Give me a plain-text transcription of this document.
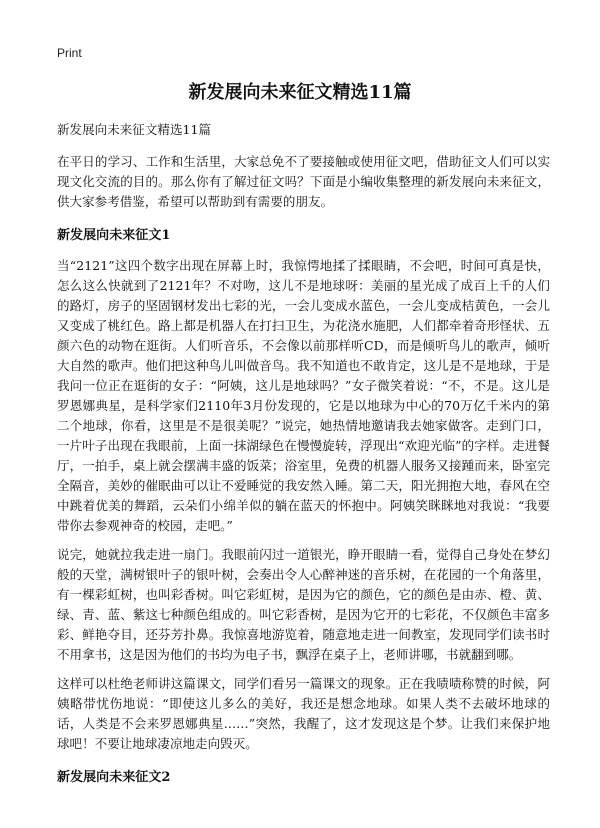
Print
新发展向未来征文精选11篇

新发展向未来征文精选11篇

在平日的学习、工作和生活里，大家总免不了要接触或使用征文吧，借助征文人们可以实现文化交流的目的。那么你有了解过征文吗？下面是小编收集整理的新发展向未来征文，供大家参考借鉴，希望可以帮助到有需要的朋友。

新发展向未来征文1

当“2121”这四个数字出现在屏幕上时，我惊愕地揉了揉眼睛，不会吧，时间可真是快，怎么这么快就到了2121年？不对吻，这儿不是地球呀：美丽的星光成了成百上千的人们的路灯，房子的坚固钢材发出七彩的光，一会儿变成水蓝色，一会儿变成桔黄色，一会儿又变成了桃红色。路上都是机器人在打扫卫生，为花浇水施肥，人们都牵着奇形怪状、五颜六色的动物在逛街。人们听音乐，不会像以前那样听CD，而是倾听鸟儿的歌声，倾听大自然的歌声。他们把这种鸟儿叫做音鸟。我不知道也不敢肯定，这儿是不是地球，于是我问一位正在逛街的女子：“阿姨，这儿是地球吗？”女子微笑着说：“不，不是。这儿是罗恩娜典星，是科学家们2110年3月份发现的，它是以地球为中心的70万亿千米内的第二个地球，你看，这里是不是很美呢？”说完，她热情地邀请我去她家做客。走到门口，一片叶子出现在我眼前，上面一抹湖绿色在慢慢旋转，浮现出“欢迎光临”的字样。走进餐厅，一拍手，桌上就会摆满丰盛的饭菜；浴室里，免费的机器人服务又接踵而来，卧室完全隔音，美妙的催眠曲可以让不爱睡觉的我安然入睡。第二天，阳光拥抱大地，春风在空中跳着优美的舞蹈，云朵们小绵羊似的躺在蓝天的怀抱中。阿姨笑眯眯地对我说：“我要带你去参观神奇的校园，走吧。”

说完，她就拉我走进一扇门。我眼前闪过一道银光，睁开眼睛一看，觉得自己身处在梦幻般的天堂，满树银叶子的银叶树，会奏出令人心醉神迷的音乐树，在花园的一个角落里，有一棵彩虹树，也叫彩香树。叫它彩虹树，是因为它的颜色，它的颜色是由赤、橙、黄、绿、青、蓝、紫这七种颜色组成的。叫它彩香树，是因为它开的七彩花，不仅颜色丰富多彩、鲜艳夺目，还芬芳扑鼻。我惊喜地游览着，随意地走进一间教室，发现同学们读书时不用拿书，这是因为他们的书均为电子书，飘浮在桌子上，老师讲哪，书就翻到哪。

这样可以杜绝老师讲这篇课文，同学们看另一篇课文的现象。正在我啧啧称赞的时候，阿姨略带忧伤地说：“即使这儿多么的美好，我还是想念地球。如果人类不去破坏地球的话，人类是不会来罗恩娜典星……”突然，我醒了，这才发现这是个梦。让我们来保护地球吧！不要让地球凄凉地走向毁灭。

新发展向未来征文2
